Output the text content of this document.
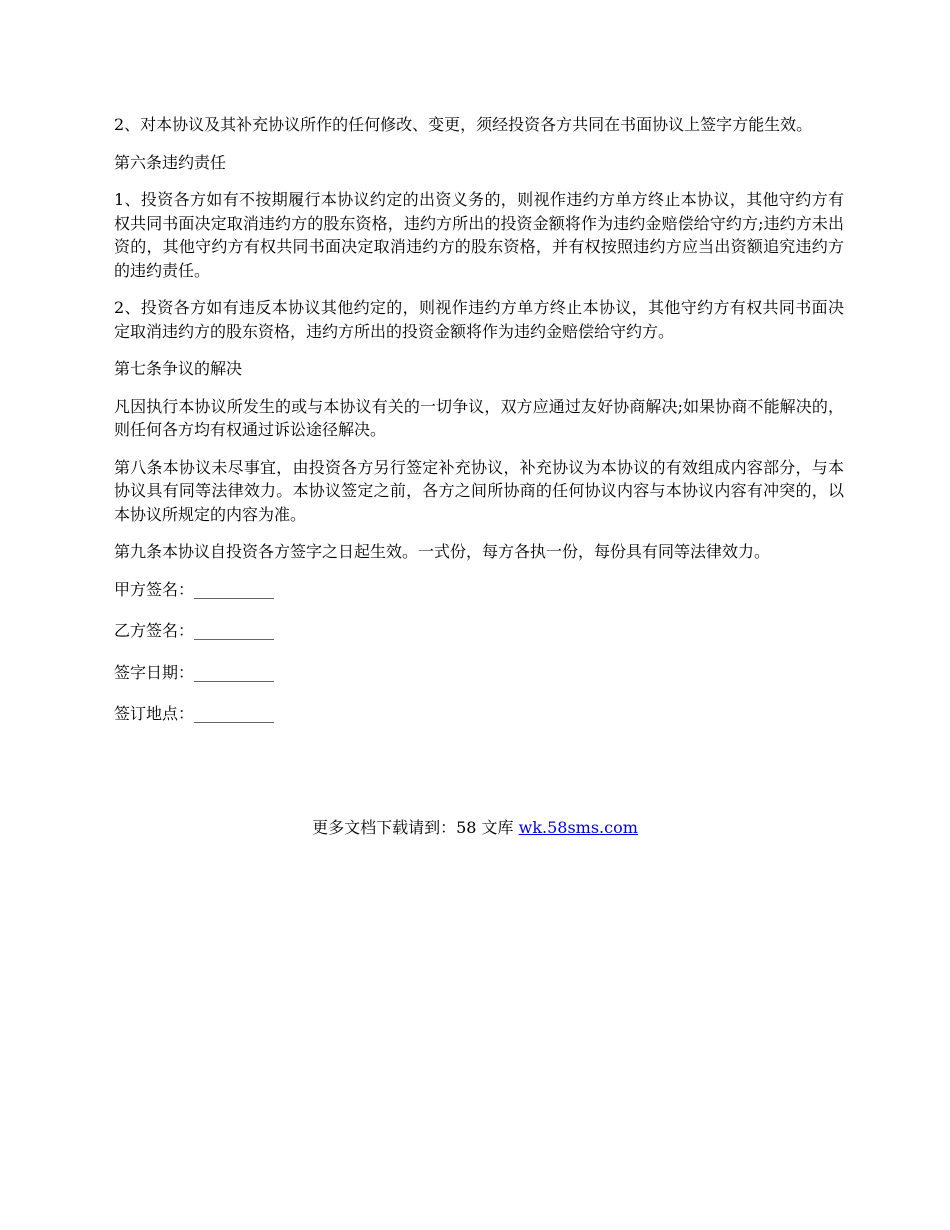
2、对本协议及其补充协议所作的任何修改、变更，须经投资各方共同在书面协议上签字方能生效。

第六条违约责任

1、投资各方如有不按期履行本协议约定的出资义务的，则视作违约方单方终止本协议，其他守约方有权共同书面决定取消违约方的股东资格，违约方所出的投资金额将作为违约金赔偿给守约方;违约方未出资的，其他守约方有权共同书面决定取消违约方的股东资格，并有权按照违约方应当出资额追究违约方的违约责任。

2、投资各方如有违反本协议其他约定的，则视作违约方单方终止本协议，其他守约方有权共同书面决定取消违约方的股东资格，违约方所出的投资金额将作为违约金赔偿给守约方。

第七条争议的解决

凡因执行本协议所发生的或与本协议有关的一切争议，双方应通过友好协商解决;如果协商不能解决的，则任何各方均有权通过诉讼途径解决。

第八条本协议未尽事宜，由投资各方另行签定补充协议，补充协议为本协议的有效组成内容部分，与本协议具有同等法律效力。本协议签定之前，各方之间所协商的任何协议内容与本协议内容有冲突的，以本协议所规定的内容为准。

第九条本协议自投资各方签字之日起生效。一式份，每方各执一份，每份具有同等法律效力。

甲方签名：__________

乙方签名：__________

签字日期：__________

签订地点：__________

更多文档下载请到：58 文库 wk.58sms.com
